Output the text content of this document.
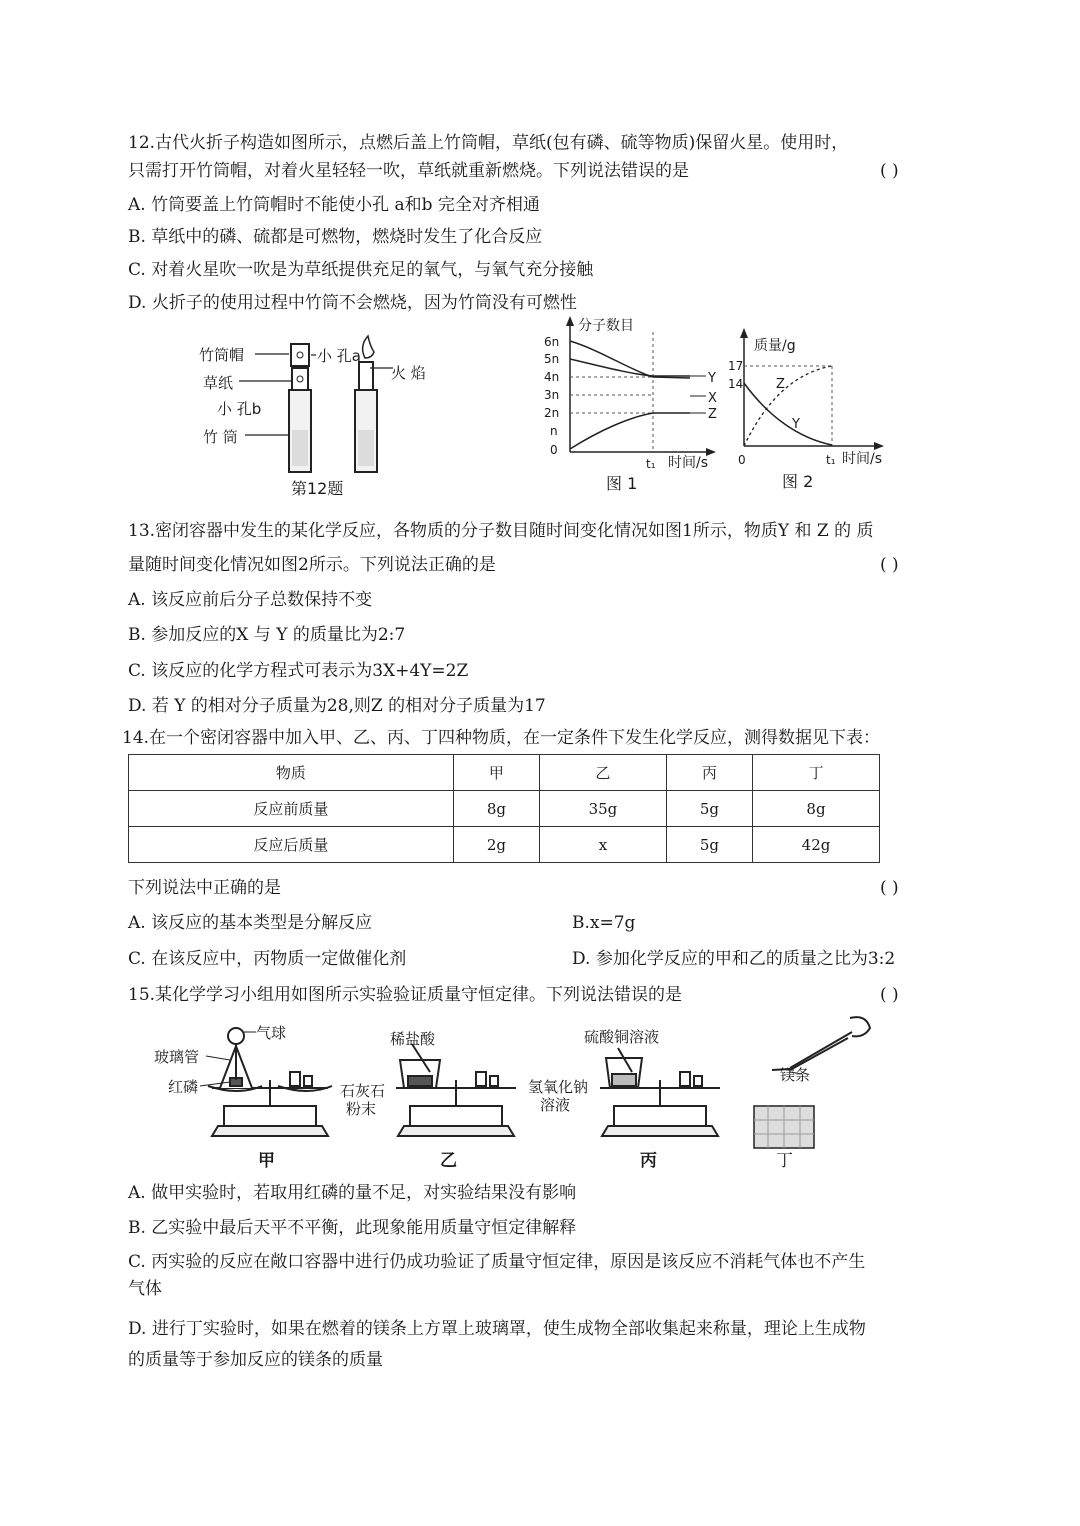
12.古代火折子构造如图所示，点燃后盖上竹筒帽，草纸(包有磷、硫等物质)保留火星。使用时，
只需打开竹筒帽，对着火星轻轻一吹，草纸就重新燃烧。下列说法错误的是	( )
A. 竹筒要盖上竹筒帽时不能使小孔 a和b 完全对齐相通
B. 草纸中的磷、硫都是可燃物，燃烧时发生了化合反应
C. 对着火星吹一吹是为草纸提供充足的氧气，与氧气充分接触
D. 火折子的使用过程中竹筒不会燃烧，因为竹筒没有可燃性
竹筒帽	小 孔a
火 焰
草纸
小 孔b
竹 筒
第12题
分子数目
6n
5n
4n
3n
2n
n
0
Y
X
Z
t₁ 时间/s
图 1
质量/g
17
14	Z
Y
0	t₁ 时间/s
图 2
13.密闭容器中发生的某化学反应，各物质的分子数目随时间变化情况如图1所示，物质Y 和 Z 的 质
量随时间变化情况如图2所示。下列说法正确的是	( )
A. 该反应前后分子总数保持不变
B. 参加反应的X 与 Y 的质量比为2:7
C. 该反应的化学方程式可表示为3X+4Y=2Z
D. 若 Y 的相对分子质量为28,则Z 的相对分子质量为17
14.在一个密闭容器中加入甲、乙、丙、丁四种物质，在一定条件下发生化学反应，测得数据见下表：
物质	甲	乙	丙	丁
反应前质量	8g	35g	5g	8g
反应后质量	2g	x	5g	42g
下列说法中正确的是	( )
A. 该反应的基本类型是分解反应	B.x=7g
C. 在该反应中，丙物质一定做催化剂	D. 参加化学反应的甲和乙的质量之比为3:2
15.某化学学习小组用如图所示实验验证质量守恒定律。下列说法错误的是	( )
气球
玻璃管
红磷
甲
稀盐酸
石灰石
粉末
乙
硫酸铜溶液
氢氧化钠
溶液
丙
镁条
丁
A. 做甲实验时，若取用红磷的量不足，对实验结果没有影响
B. 乙实验中最后天平不平衡，此现象能用质量守恒定律解释
C. 丙实验的反应在敞口容器中进行仍成功验证了质量守恒定律，原因是该反应不消耗气体也不产生
气体
D. 进行丁实验时，如果在燃着的镁条上方罩上玻璃罩，使生成物全部收集起来称量，理论上生成物
的质量等于参加反应的镁条的质量
